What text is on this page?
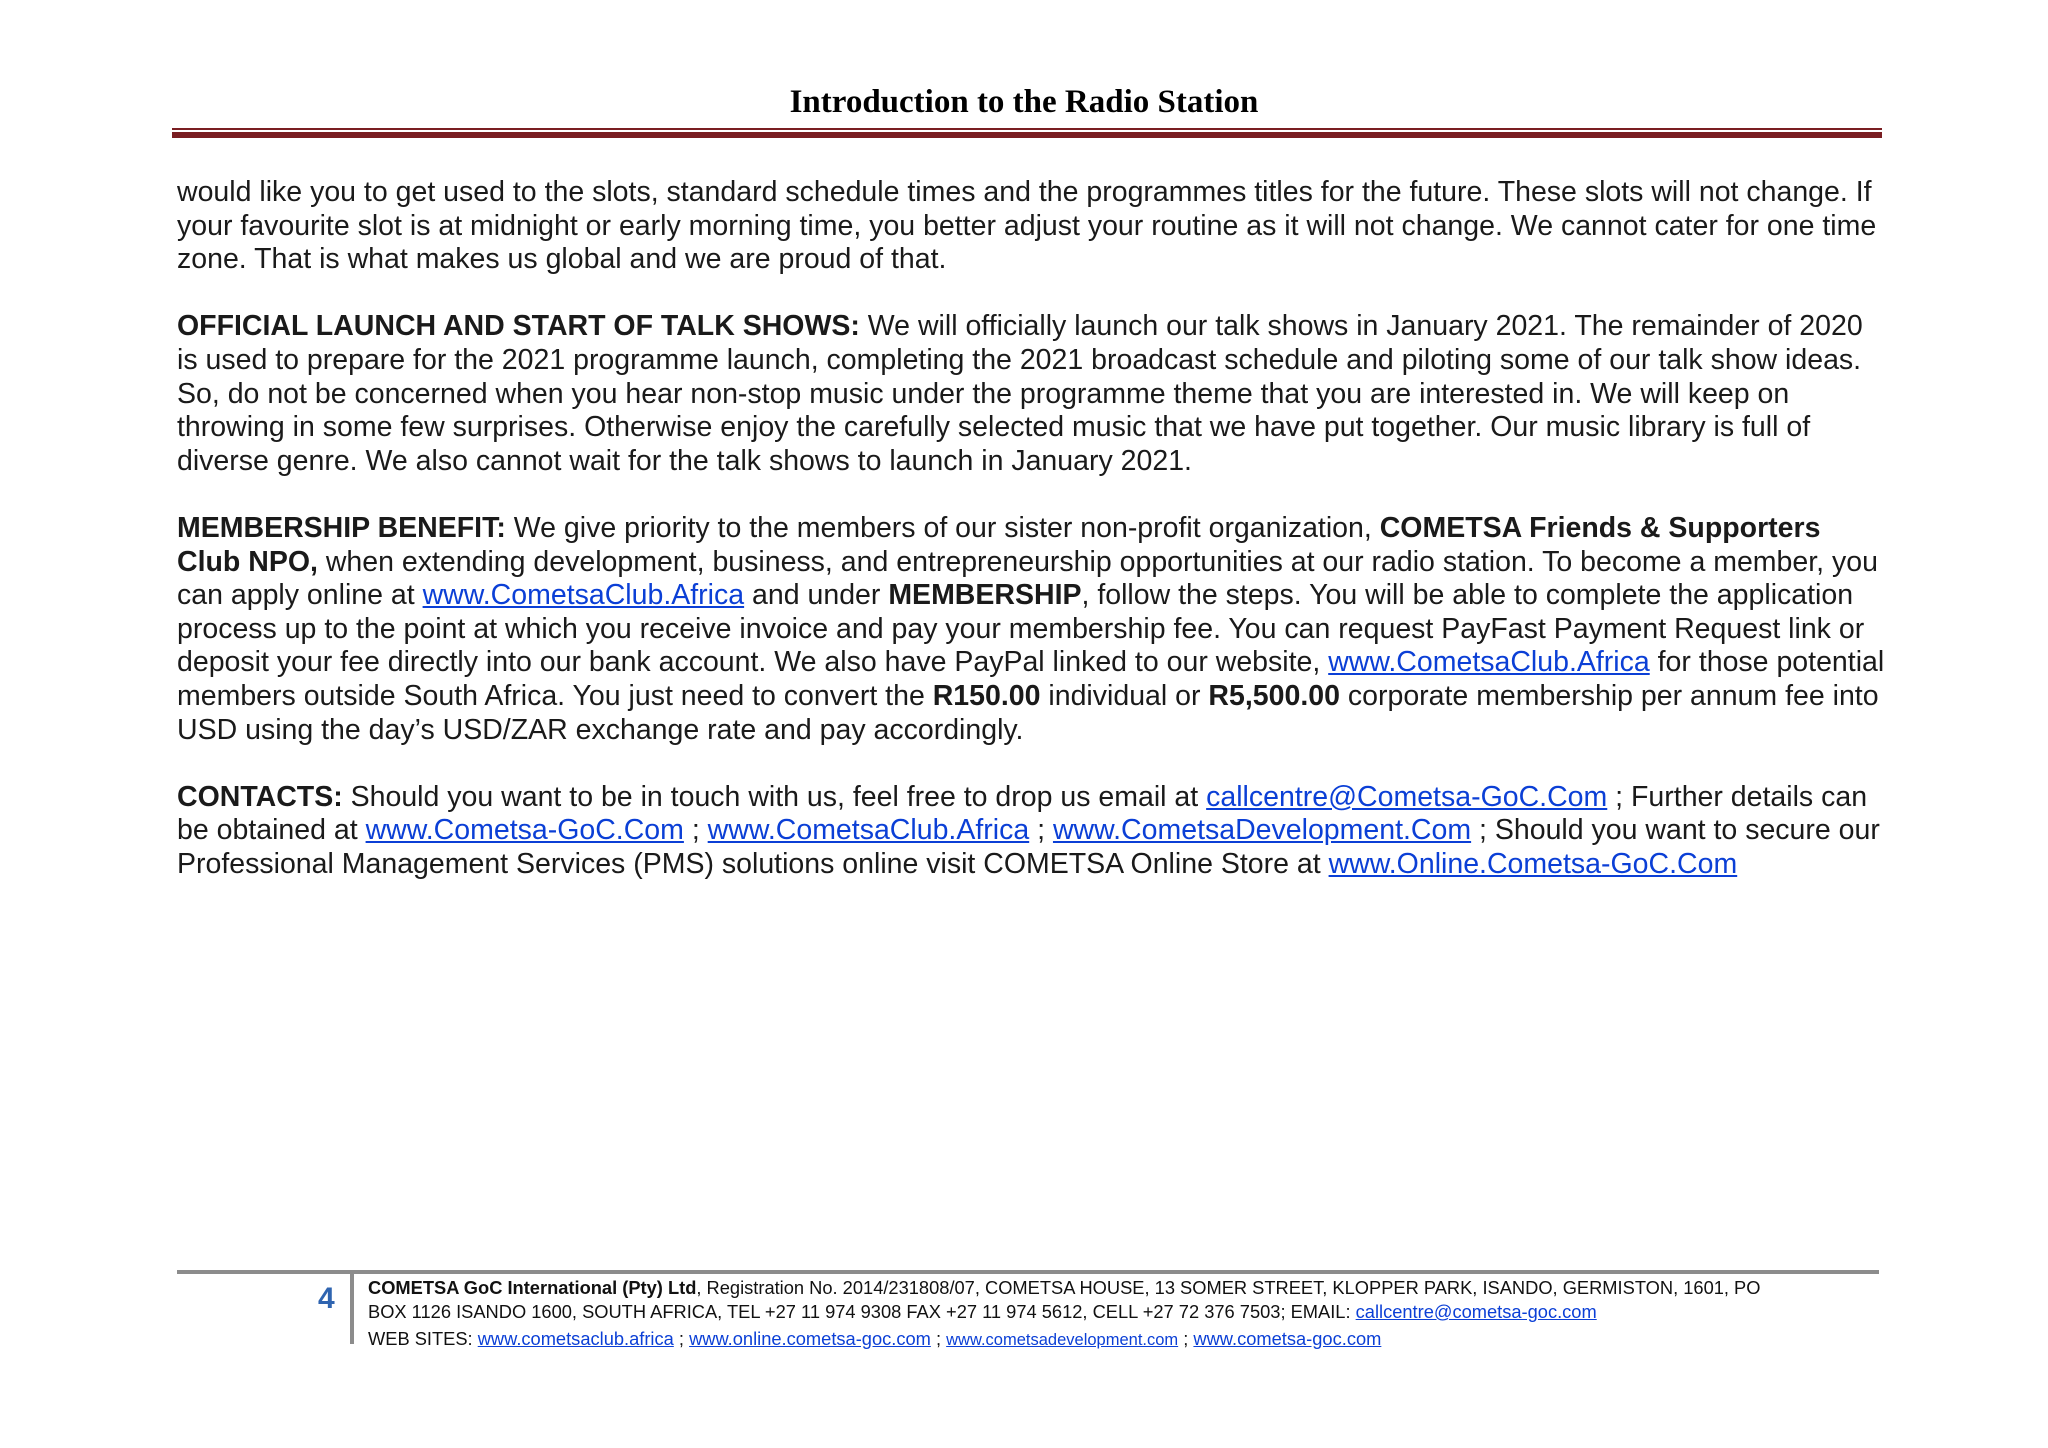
Introduction to the Radio Station

would like you to get used to the slots, standard schedule times and the programmes titles for the future. These slots will not change. If your favourite slot is at midnight or early morning time, you better adjust your routine as it will not change. We cannot cater for one time zone. That is what makes us global and we are proud of that.

OFFICIAL LAUNCH AND START OF TALK SHOWS: We will officially launch our talk shows in January 2021. The remainder of 2020 is used to prepare for the 2021 programme launch, completing the 2021 broadcast schedule and piloting some of our talk show ideas. So, do not be concerned when you hear non-stop music under the programme theme that you are interested in. We will keep on throwing in some few surprises. Otherwise enjoy the carefully selected music that we have put together. Our music library is full of diverse genre. We also cannot wait for the talk shows to launch in January 2021.

MEMBERSHIP BENEFIT: We give priority to the members of our sister non-profit organization, COMETSA Friends & Supporters Club NPO, when extending development, business, and entrepreneurship opportunities at our radio station. To become a member, you can apply online at www.CometsaClub.Africa and under MEMBERSHIP, follow the steps. You will be able to complete the application process up to the point at which you receive invoice and pay your membership fee. You can request PayFast Payment Request link or deposit your fee directly into our bank account. We also have PayPal linked to our website, www.CometsaClub.Africa for those potential members outside South Africa. You just need to convert the R150.00 individual or R5,500.00 corporate membership per annum fee into USD using the day’s USD/ZAR exchange rate and pay accordingly.

CONTACTS: Should you want to be in touch with us, feel free to drop us email at callcentre@Cometsa-GoC.Com ; Further details can be obtained at www.Cometsa-GoC.Com ; www.CometsaClub.Africa ; www.CometsaDevelopment.Com ; Should you want to secure our Professional Management Services (PMS) solutions online visit COMETSA Online Store at www.Online.Cometsa-GoC.Com

4 COMETSA GoC International (Pty) Ltd, Registration No. 2014/231808/07, COMETSA HOUSE, 13 SOMER STREET, KLOPPER PARK, ISANDO, GERMISTON, 1601, PO
BOX 1126 ISANDO 1600, SOUTH AFRICA, TEL +27 11 974 9308 FAX +27 11 974 5612, CELL +27 72 376 7503; EMAIL: callcentre@cometsa-goc.com
WEB SITES: www.cometsaclub.africa ; www.online.cometsa-goc.com ; www.cometsadevelopment.com ; www.cometsa-goc.com
